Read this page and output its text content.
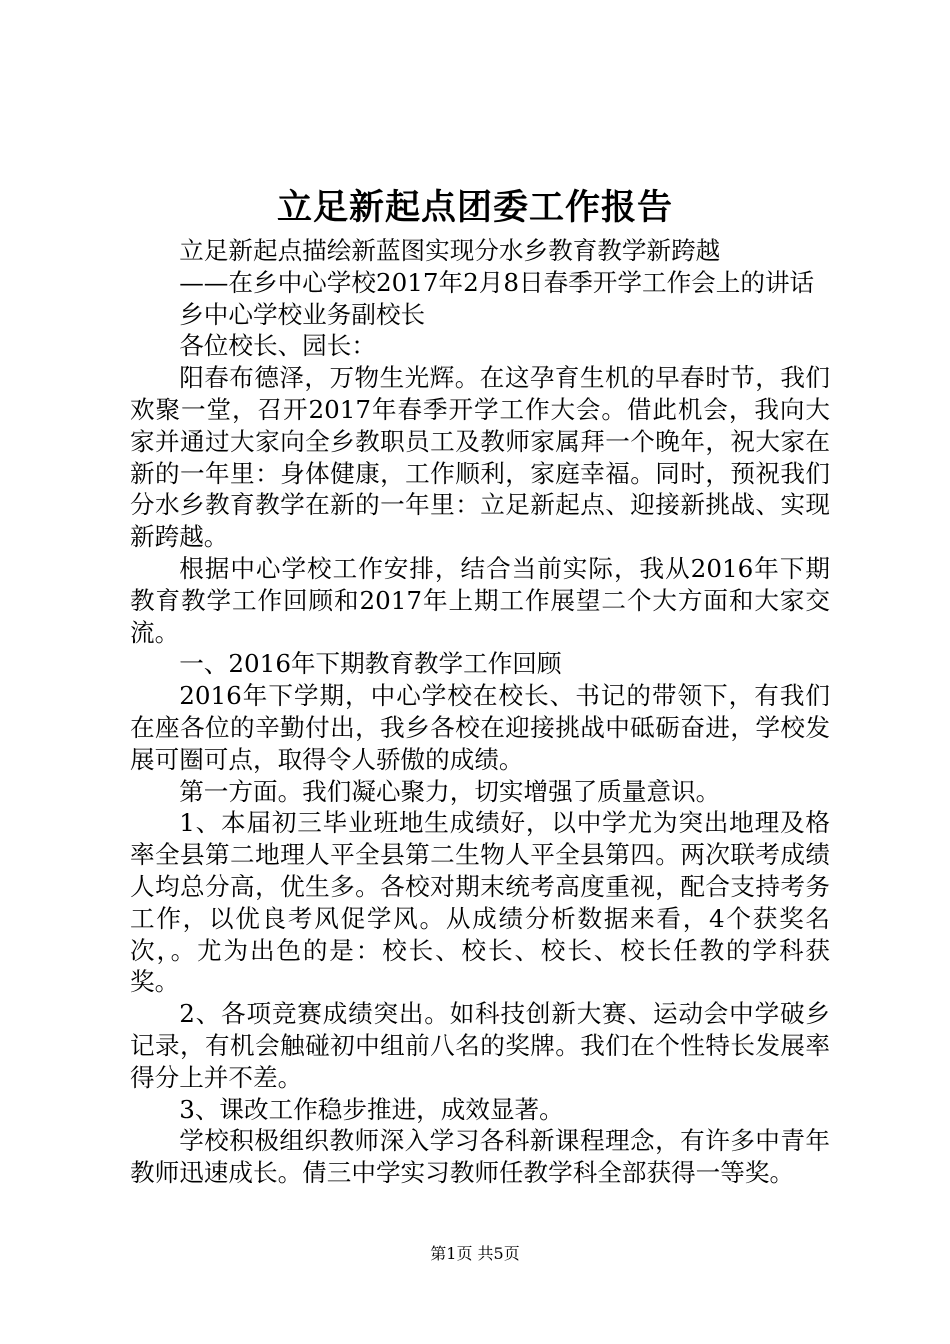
立足新起点团委工作报告

立足新起点描绘新蓝图实现分水乡教育教学新跨越

——在乡中心学校2017年2月8日春季开学工作会上的讲话

乡中心学校业务副校长

各位校长、园长：

阳春布德泽，万物生光辉。在这孕育生机的早春时节，我们欢聚一堂，召开2017年春季开学工作大会。借此机会，我向大家并通过大家向全乡教职员工及教师家属拜一个晚年，祝大家在新的一年里：身体健康，工作顺利，家庭幸福。同时，预祝我们分水乡教育教学在新的一年里：立足新起点、迎接新挑战、实现新跨越。

根据中心学校工作安排，结合当前实际，我从2016年下期教育教学工作回顾和2017年上期工作展望二个大方面和大家交流。

一、2016年下期教育教学工作回顾

2016年下学期，中心学校在校长、书记的带领下，有我们在座各位的辛勤付出，我乡各校在迎接挑战中砥砺奋进，学校发展可圈可点，取得令人骄傲的成绩。

第一方面。我们凝心聚力，切实增强了质量意识。

1、本届初三毕业班地生成绩好，以中学尤为突出地理及格率全县第二地理人平全县第二生物人平全县第四。两次联考成绩人均总分高，优生多。各校对期末统考高度重视，配合支持考务工作，以优良考风促学风。从成绩分析数据来看，4个获奖名次，。尤为出色的是：校长、校长、校长、校长任教的学科获奖。

2、各项竞赛成绩突出。如科技创新大赛、运动会中学破乡记录，有机会触碰初中组前八名的奖牌。我们在个性特长发展率得分上并不差。

3、课改工作稳步推进，成效显著。

学校积极组织教师深入学习各科新课程理念，有许多中青年教师迅速成长。倩三中学实习教师任教学科全部获得一等奖。

第1页 共5页
